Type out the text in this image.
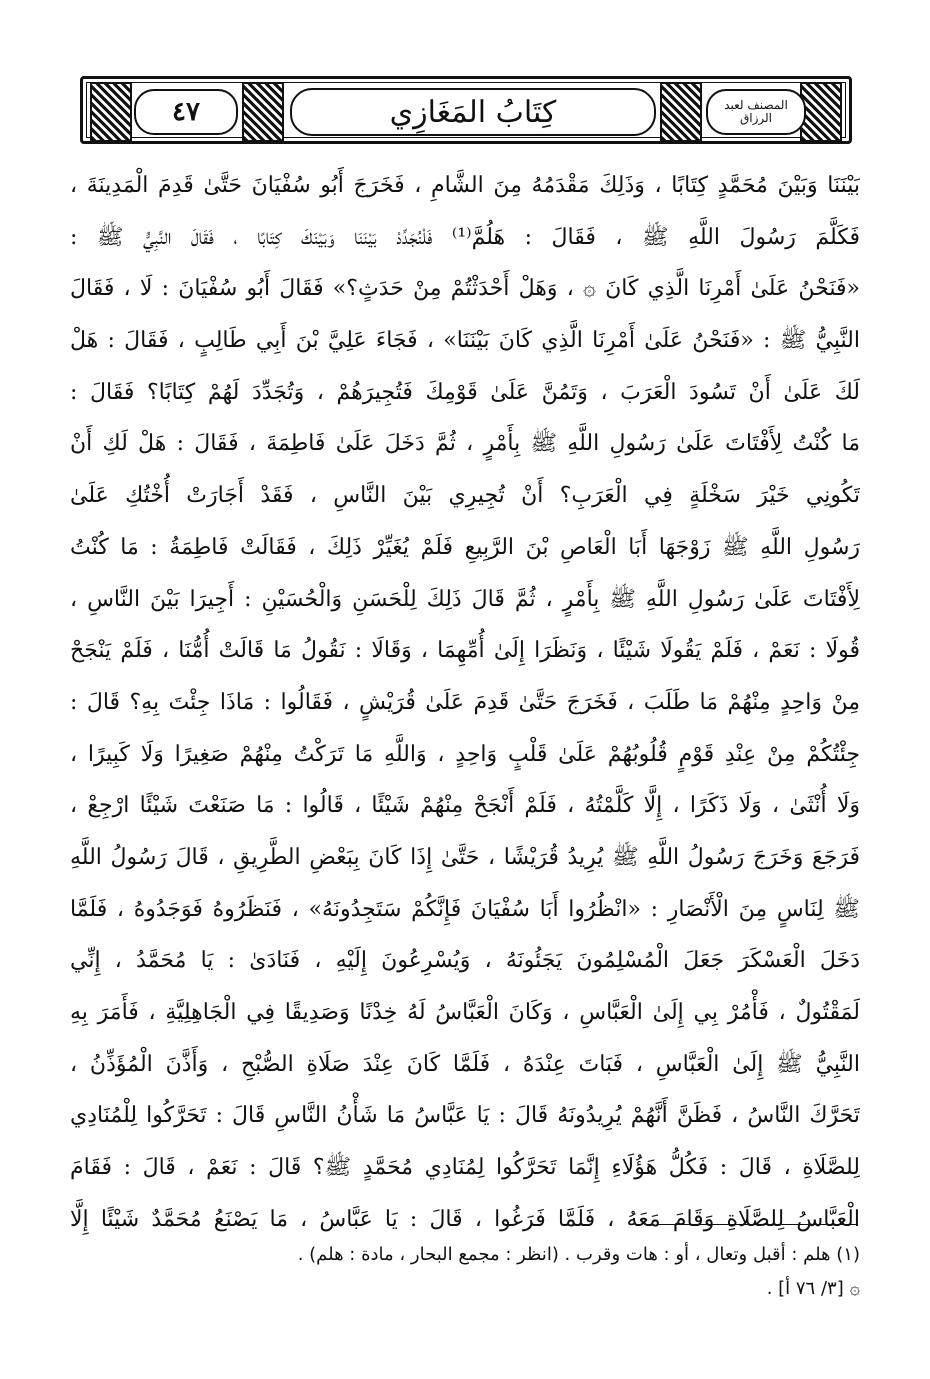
٤٧	كِتَابُ المَغَازِي	المصنف لعبد الرزاق
بَيْنَنَا وَبَيْنَ مُحَمَّدٍ كِتَابًا ، وَذَلِكَ مَقْدَمُهُ مِنَ الشَّامِ ، فَخَرَجَ أَبُو سُفْيَانَ حَتَّىٰ قَدِمَ الْمَدِينَةَ ،
فَكَلَّمَ رَسُولَ اللَّهِ ﷺ ، فَقَالَ : هَلُمَّ⁽¹⁾ فَلْنُجَدِّدْ بَيْنَنَا وَبَيْنَكَ كِتَابًا ، فَقَالَ النَّبِيُّ ﷺ :
«فَنَحْنُ عَلَىٰ أَمْرِنَا الَّذِي كَانَ ۞ ، وَهَلْ أَحْدَثْتُمْ مِنْ حَدَثٍ؟» فَقَالَ أَبُو سُفْيَانَ : لَا ، فَقَالَ
النَّبِيُّ ﷺ : «فَنَحْنُ عَلَىٰ أَمْرِنَا الَّذِي كَانَ بَيْنَنَا» ، فَجَاءَ عَلِيَّ بْنَ أَبِي طَالِبٍ ، فَقَالَ : هَلْ
لَكَ عَلَىٰ أَنْ تَسُودَ الْعَرَبَ ، وَتَمُنَّ عَلَىٰ قَوْمِكَ فَتُجِيرَهُمْ ، وَتُجَدِّدَ لَهُمْ كِتَابًا؟ فَقَالَ :
مَا كُنْتُ لِأَفْتَاتَ عَلَىٰ رَسُولِ اللَّهِ ﷺ بِأَمْرٍ ، ثُمَّ دَخَلَ عَلَىٰ فَاطِمَةَ ، فَقَالَ : هَلْ لَكِ أَنْ
تَكُونِي خَيْرَ سَخْلَةٍ فِي الْعَرَبِ؟ أَنْ تُجِيرِي بَيْنَ النَّاسِ ، فَقَدْ أَجَارَتْ أُخْتُكِ عَلَىٰ
رَسُولِ اللَّهِ ﷺ زَوْجَهَا أَبَا الْعَاصِ بْنَ الرَّبِيعِ فَلَمْ يُغَيِّرْ ذَلِكَ ، فَقَالَتْ فَاطِمَةُ : مَا كُنْتُ
لِأَفْتَاتَ عَلَىٰ رَسُولِ اللَّهِ ﷺ بِأَمْرٍ ، ثُمَّ قَالَ ذَلِكَ لِلْحَسَنِ وَالْحُسَيْنِ : أَجِيرَا بَيْنَ النَّاسِ ،
قُولَا : نَعَمْ ، فَلَمْ يَقُولَا شَيْئًا ، وَنَظَرَا إِلَىٰ أُمِّهِمَا ، وَقَالَا : نَقُولُ مَا قَالَتْ أُمُّنَا ، فَلَمْ يَنْجَحْ
مِنْ وَاحِدٍ مِنْهُمْ مَا طَلَبَ ، فَخَرَجَ حَتَّىٰ قَدِمَ عَلَىٰ قُرَيْشٍ ، فَقَالُوا : مَاذَا جِئْتَ بِهِ؟ قَالَ :
جِئْتُكُمْ مِنْ عِنْدِ قَوْمٍ قُلُوبُهُمْ عَلَىٰ قَلْبٍ وَاحِدٍ ، وَاللَّهِ مَا تَرَكْتُ مِنْهُمْ صَغِيرًا وَلَا كَبِيرًا ،
وَلَا أُنْثَىٰ ، وَلَا ذَكَرًا ، إِلَّا كَلَّمْتُهُ ، فَلَمْ أَنْجَحْ مِنْهُمْ شَيْئًا ، قَالُوا : مَا صَنَعْتَ شَيْئًا ارْجِعْ ،
فَرَجَعَ وَخَرَجَ رَسُولُ اللَّهِ ﷺ يُرِيدُ قُرَيْشًا ، حَتَّىٰ إِذَا كَانَ بِبَعْضِ الطَّرِيقِ ، قَالَ رَسُولُ اللَّهِ
ﷺ لِنَاسٍ مِنَ الْأَنْصَارِ : «انْظُرُوا أَبَا سُفْيَانَ فَإِنَّكُمْ سَتَجِدُونَهُ» ، فَنَظَرُوهُ فَوَجَدُوهُ ، فَلَمَّا
دَخَلَ الْعَسْكَرَ جَعَلَ الْمُسْلِمُونَ يَجَئُونَهُ ، وَيُسْرِعُونَ إِلَيْهِ ، فَنَادَىٰ : يَا مُحَمَّدُ ، إِنِّي
لَمَقْتُولٌ ، فَأْمُرْ بِي إِلَىٰ الْعَبَّاسِ ، وَكَانَ الْعَبَّاسُ لَهُ خِدْنًا وَصَدِيقًا فِي الْجَاهِلِيَّةِ ، فَأَمَرَ بِهِ
النَّبِيُّ ﷺ إِلَىٰ الْعَبَّاسِ ، فَبَاتَ عِنْدَهُ ، فَلَمَّا كَانَ عِنْدَ صَلَاةِ الصُّبْحِ ، وَأَذَّنَ الْمُؤَذِّنُ ،
تَحَرَّكَ النَّاسُ ، فَظَنَّ أَنَّهُمْ يُرِيدُونَهُ قَالَ : يَا عَبَّاسُ مَا شَأْنُ النَّاسِ قَالَ : تَحَرَّكُوا لِلْمُنَادِي
لِلصَّلَاةِ ، قَالَ : فَكُلُّ هَؤُلَاءِ إِنَّمَا تَحَرَّكُوا لِمُنَادِي مُحَمَّدٍ ﷺ؟ قَالَ : نَعَمْ ، قَالَ : فَقَامَ
الْعَبَّاسُ لِلصَّلَاةِ وَقَامَ مَعَهُ ، فَلَمَّا فَرَغُوا ، قَالَ : يَا عَبَّاسُ ، مَا يَصْنَعُ مُحَمَّدٌ شَيْئًا إِلَّا
(١) هلم : أقبل وتعال ، أو : هات وقرب . (انظر : مجمع البحار ، مادة : هلم) .
۞ [٣/ ٧٦ أ] .
